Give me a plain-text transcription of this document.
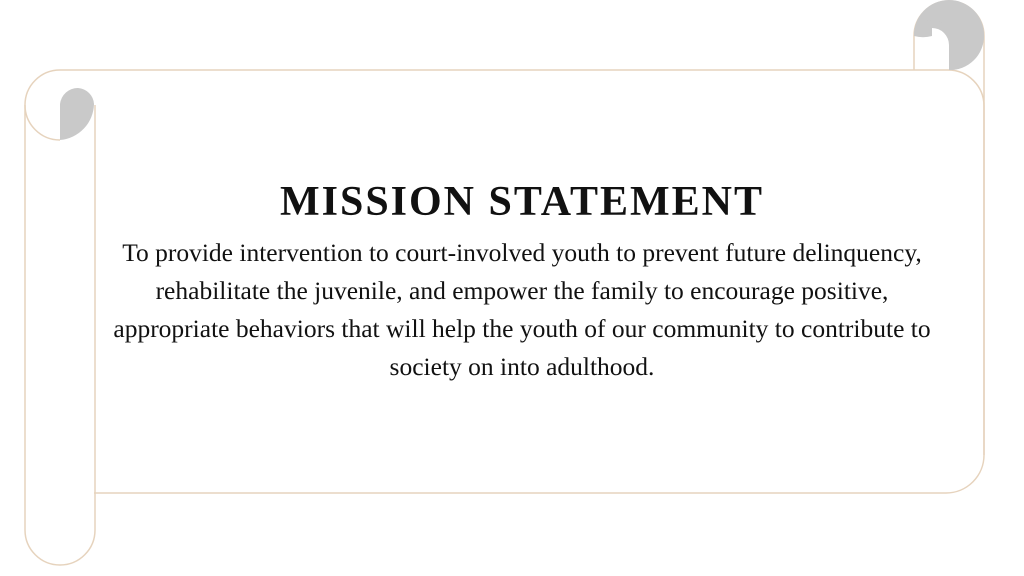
MISSION STATEMENT

To provide intervention to court-involved youth to prevent future delinquency, rehabilitate the juvenile, and empower the family to encourage positive, appropriate behaviors that will help the youth of our community to contribute to society on into adulthood.
